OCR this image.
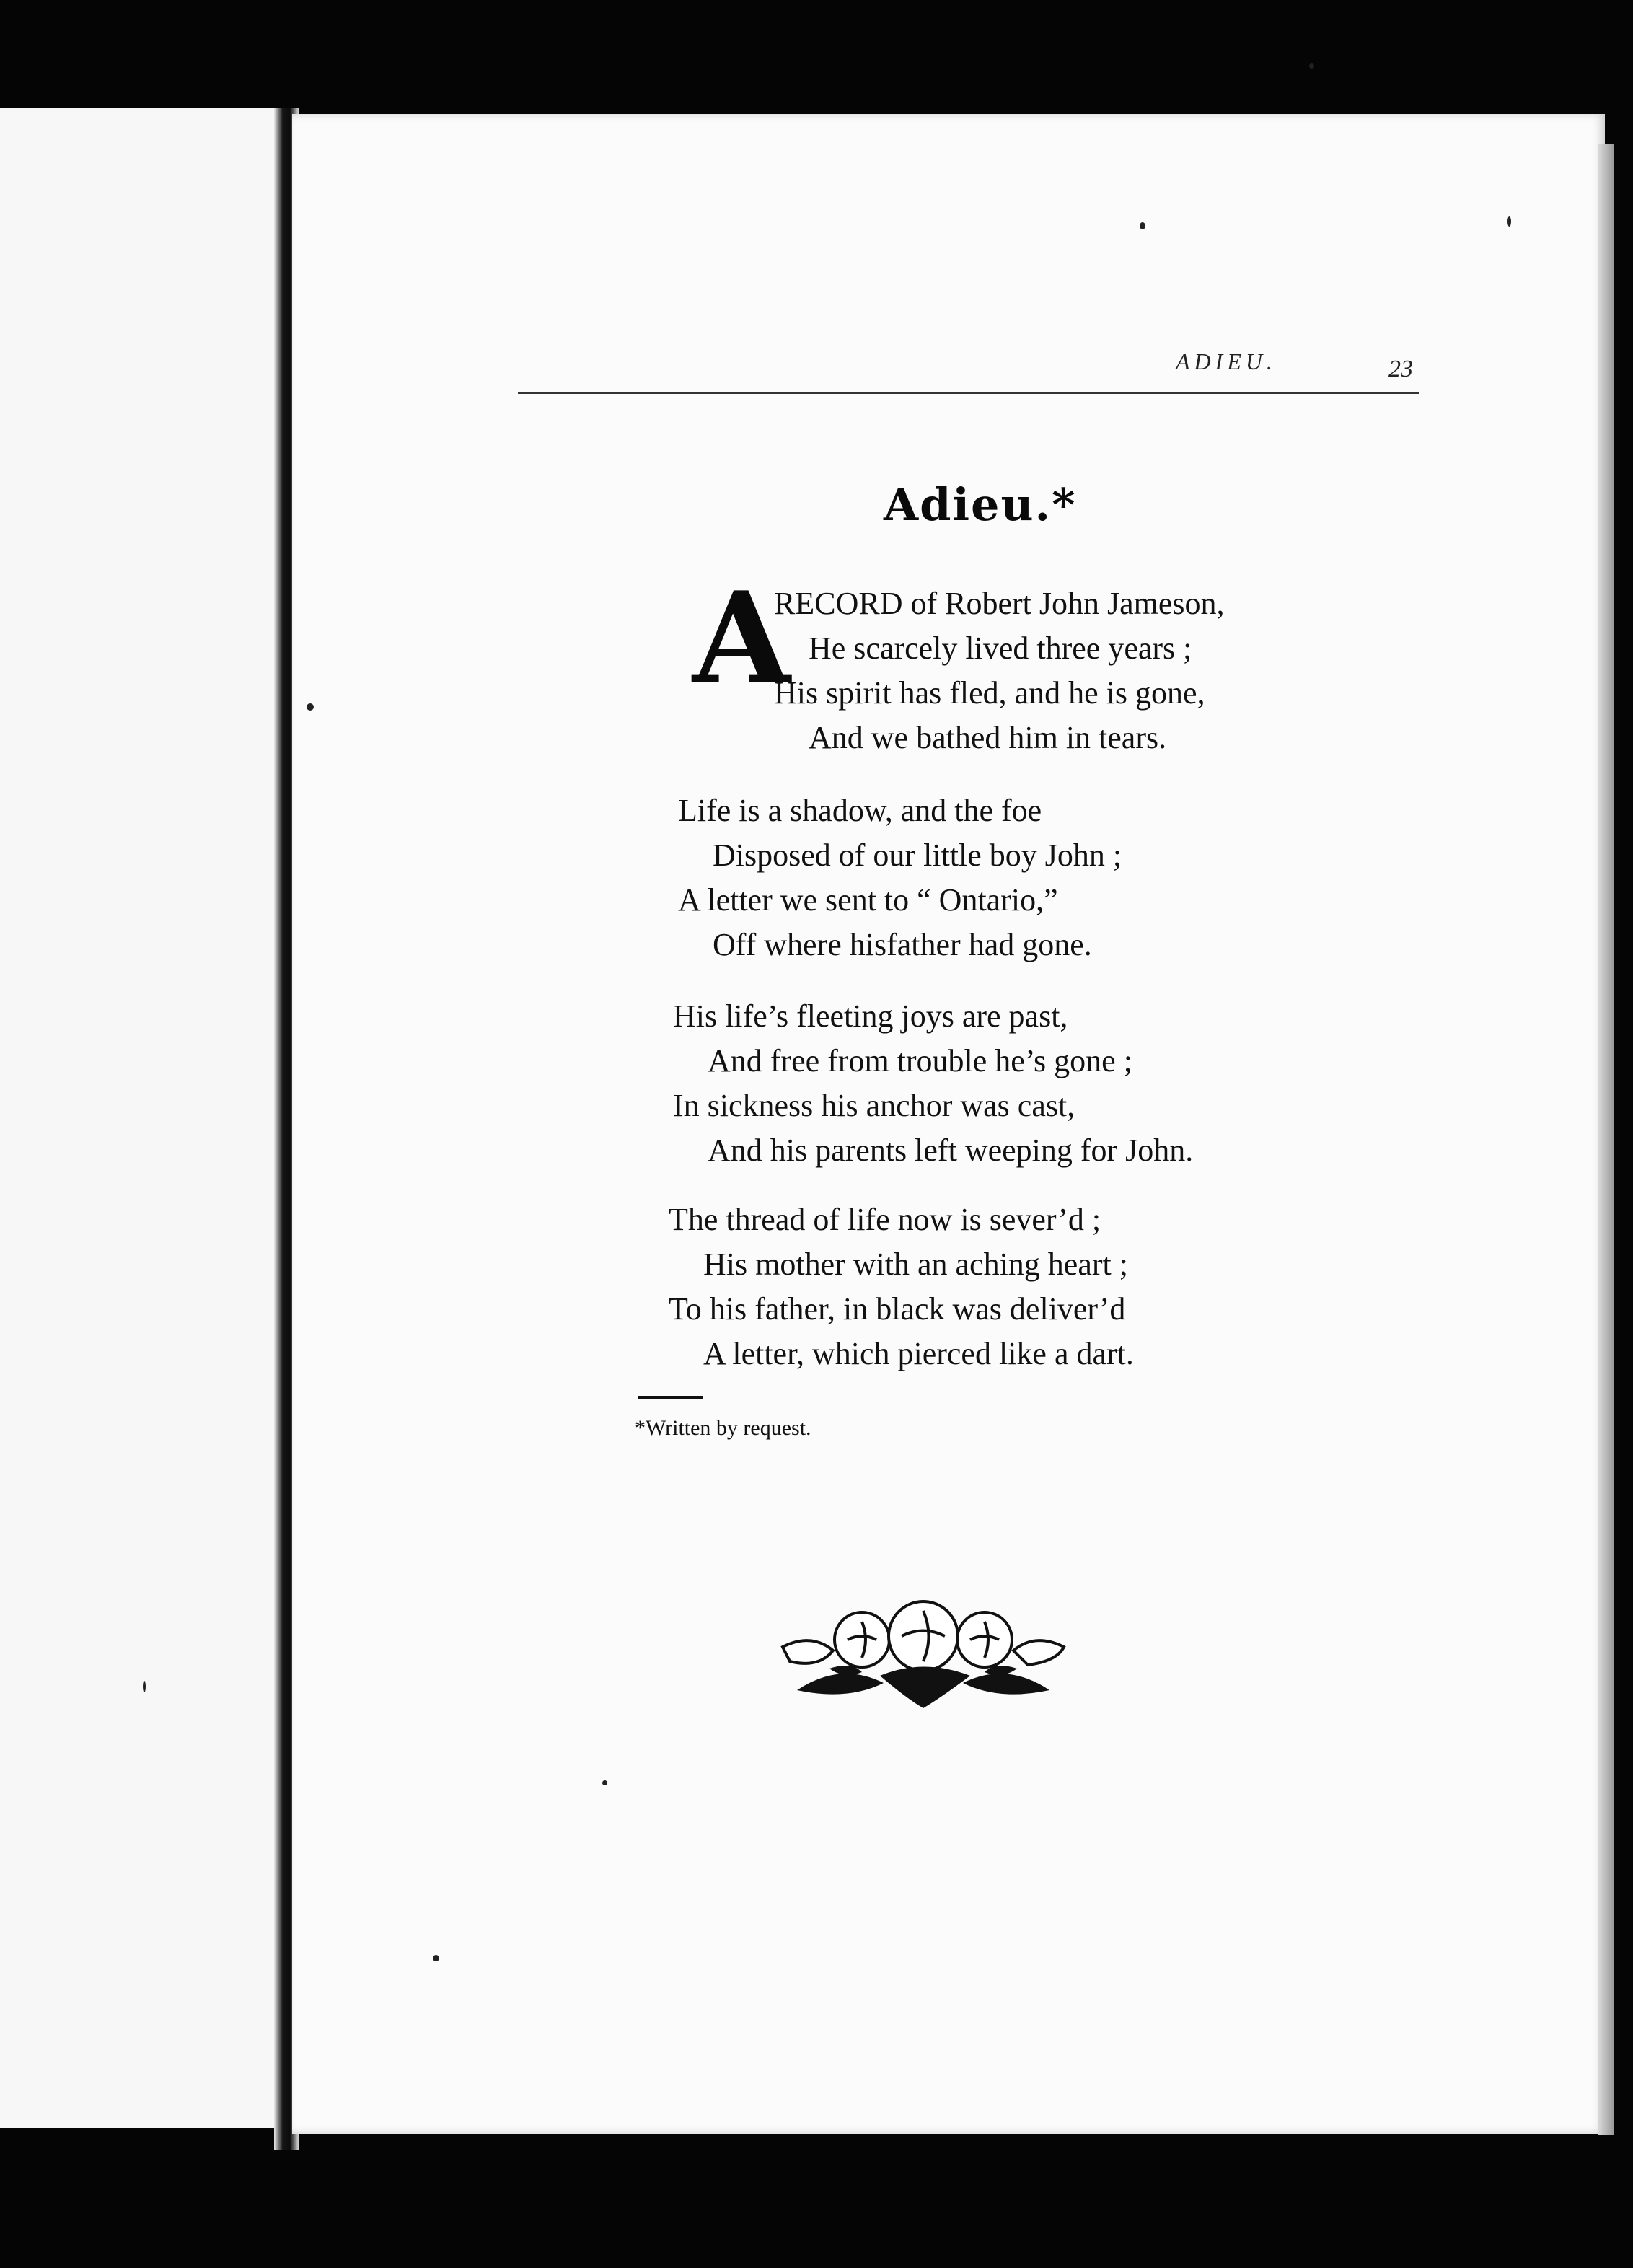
ADIEU.	23
Adieu.*
A
RECORD of Robert John Jameson,
He scarcely lived three years ;
His spirit has fled, and he is gone,
And we bathed him in tears.
Life is a shadow, and the foe
Disposed of our little boy John ;
A letter we sent to “ Ontario,”
Off where hisfather had gone.
His life’s fleeting joys are past,
And free from trouble he’s gone ;
In sickness his anchor was cast,
And his parents left weeping for John.
The thread of life now is sever’d ;
His mother with an aching heart ;
To his father, in black was deliver’d
A letter, which pierced like a dart.
*Written by request.
